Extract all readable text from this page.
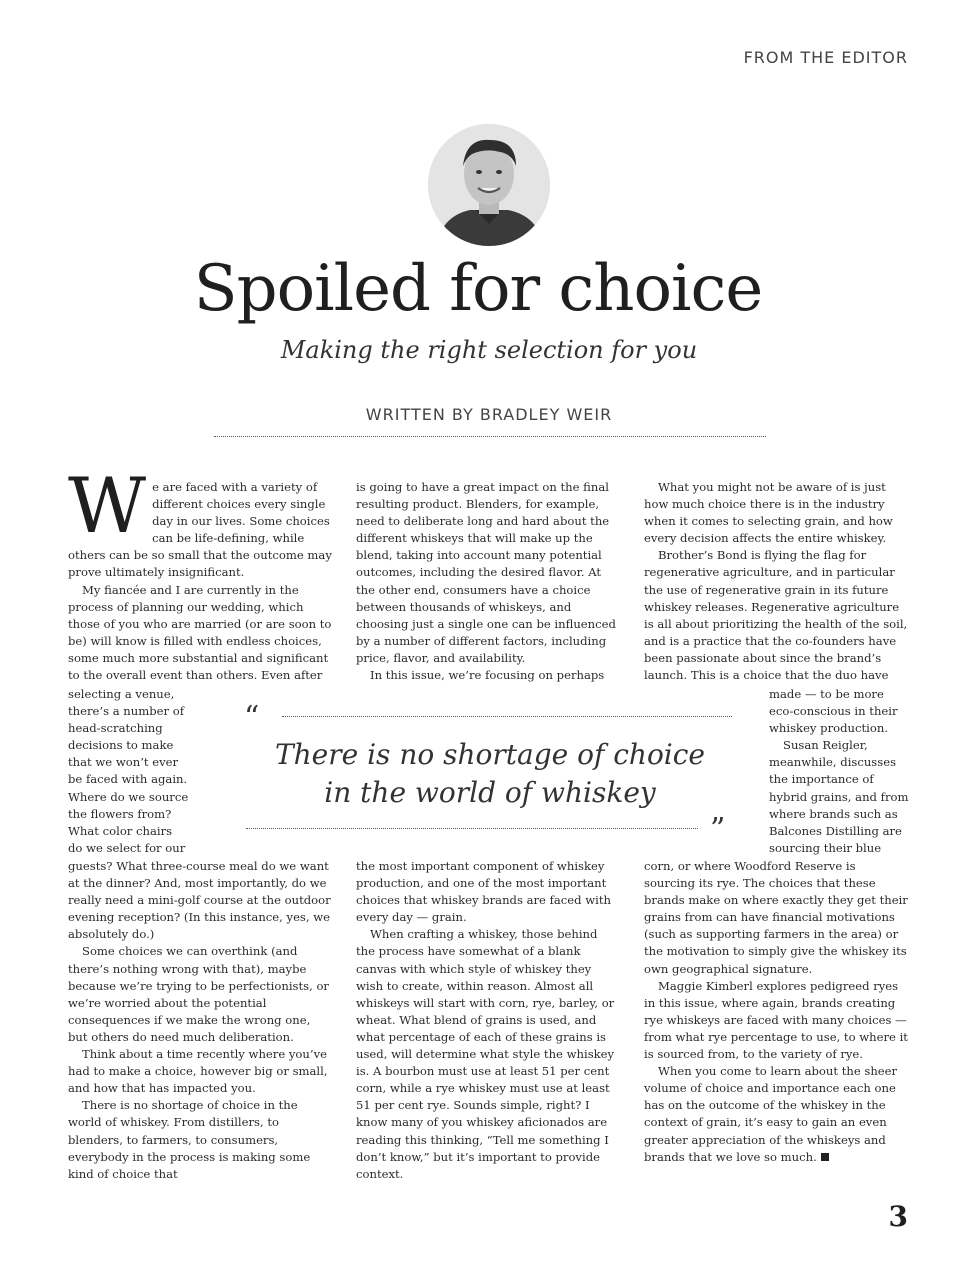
FROM THE EDITOR
Spoiled for choice
Making the right selection for you
WRITTEN BY BRADLEY WEIR

We are faced with a variety of different choices every single day in our lives. Some choices can be life-defining, while others can be so small that the outcome may prove ultimately insignificant.

My fiancée and I are currently in the process of planning our wedding, which those of you who are married (or are soon to be) will know is filled with endless choices, some much more substantial and significant to the overall event than others. Even after

selecting a venue, there’s a number of head-scratching decisions to make that we won’t ever be faced with again. Where do we source the flowers from? What color chairs do we select for our

guests? What three-course meal do we want at the dinner? And, most importantly, do we really need a mini-golf course at the outdoor evening reception? (In this instance, yes, we absolutely do.)

Some choices we can overthink (and there’s nothing wrong with that), maybe because we’re trying to be perfectionists, or we’re worried about the potential consequences if we make the wrong one, but others do need much deliberation.

Think about a time recently where you’ve had to make a choice, however big or small, and how that has impacted you.

There is no shortage of choice in the world of whiskey. From distillers, to blenders, to farmers, to consumers, everybody in the process is making some kind of choice that

is going to have a great impact on the final resulting product. Blenders, for example, need to deliberate long and hard about the different whiskeys that will make up the blend, taking into account many potential outcomes, including the desired flavor. At the other end, consumers have a choice between thousands of whiskeys, and choosing just a single one can be influenced by a number of different factors, including price, flavor, and availability.

In this issue, we’re focusing on perhaps

the most important component of whiskey production, and one of the most important choices that whiskey brands are faced with every day — grain.

When crafting a whiskey, those behind the process have somewhat of a blank canvas with which style of whiskey they wish to create, within reason. Almost all whiskeys will start with corn, rye, barley, or wheat. What blend of grains is used, and what percentage of each of these grains is used, will determine what style the whiskey is. A bourbon must use at least 51 per cent corn, while a rye whiskey must use at least 51 per cent rye. Sounds simple, right? I know many of you whiskey aficionados are reading this thinking, “Tell me something I don’t know,” but it’s important to provide context.

What you might not be aware of is just how much choice there is in the industry when it comes to selecting grain, and how every decision affects the entire whiskey.

Brother’s Bond is flying the flag for regenerative agriculture, and in particular the use of regenerative grain in its future whiskey releases. Regenerative agriculture is all about prioritizing the health of the soil, and is a practice that the co-founders have been passionate about since the brand’s launch. This is a choice that the duo have

made — to be more eco-conscious in their whiskey production.

Susan Reigler, meanwhile, discusses the importance of hybrid grains, and from where brands such as Balcones Distilling are sourcing their blue

corn, or where Woodford Reserve is sourcing its rye. The choices that these brands make on where exactly they get their grains from can have financial motivations (such as supporting farmers in the area) or the motivation to simply give the whiskey its own geographical signature.

Maggie Kimberl explores pedigreed ryes in this issue, where again, brands creating rye whiskeys are faced with many choices — from what rye percentage to use, to where it is sourced from, to the variety of rye.

When you come to learn about the sheer volume of choice and importance each one has on the outcome of the whiskey in the context of grain, it’s easy to gain an even greater appreciation of the whiskeys and brands that we love so much.

“
There is no shortage of choice
in the world of whiskey
”
3
